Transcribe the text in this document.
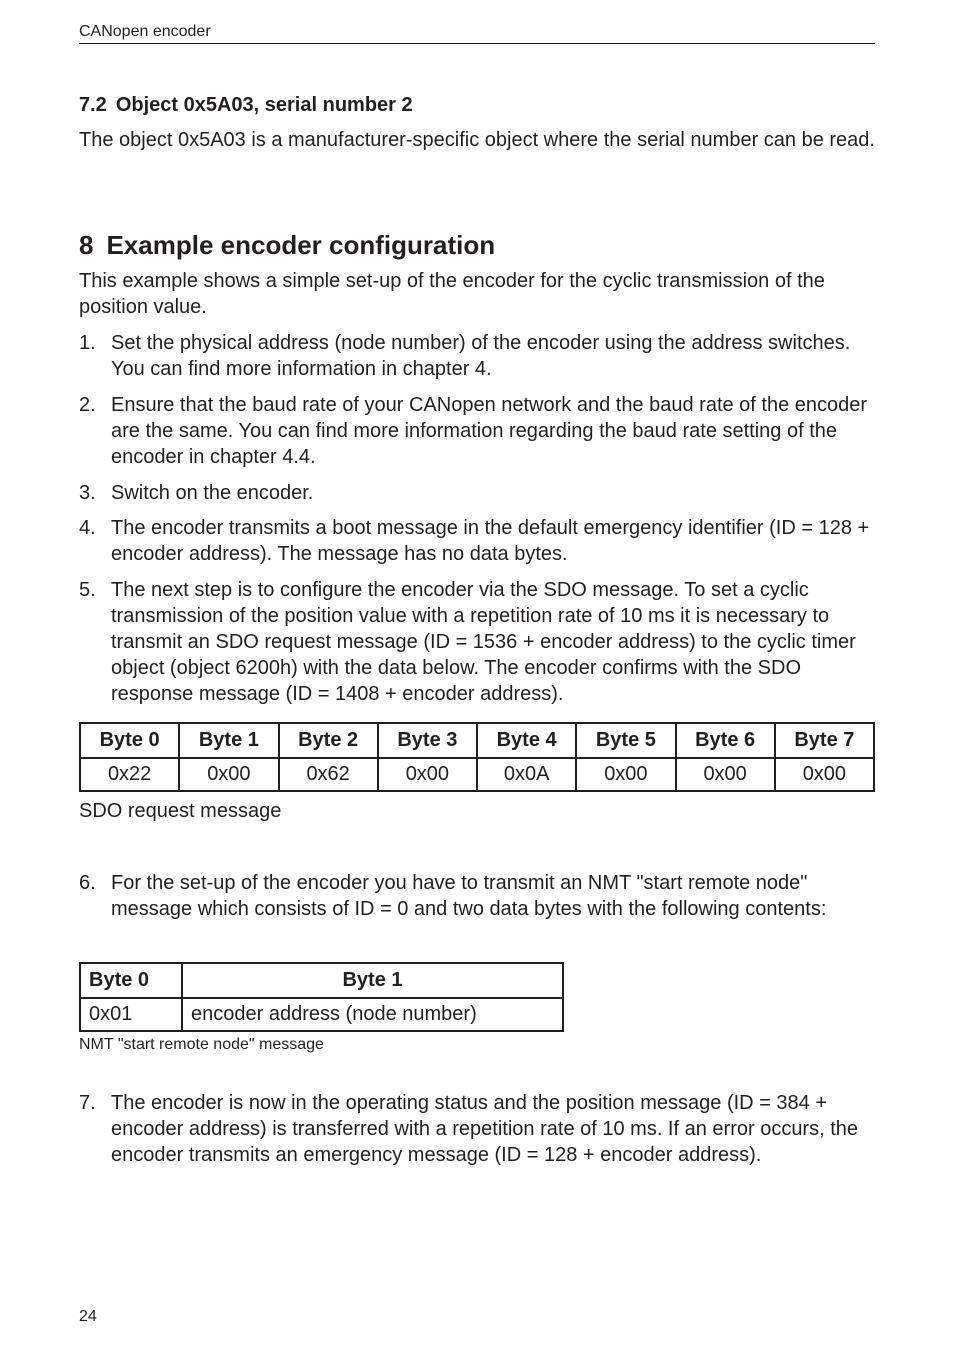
CANopen encoder
7.2 Object 0x5A03, serial number 2

The object 0x5A03 is a manufacturer-specific object where the serial number can be read.

8 Example encoder configuration

This example shows a simple set-up of the encoder for the cyclic transmission of the position value.

1. Set the physical address (node number) of the encoder using the address switches. You can find more information in chapter 4.
2. Ensure that the baud rate of your CANopen network and the baud rate of the encoder are the same. You can find more information regarding the baud rate setting of the encoder in chapter 4.4.
3. Switch on the encoder.
4. The encoder transmits a boot message in the default emergency identifier (ID = 128 + encoder address). The message has no data bytes.
5. The next step is to configure the encoder via the SDO message. To set a cyclic transmission of the position value with a repetition rate of 10 ms it is necessary to transmit an SDO request message (ID = 1536 + encoder address) to the cyclic timer object (object 6200h) with the data below. The encoder confirms with the SDO response message (ID = 1408 + encoder address).
Byte 0	Byte 1	Byte 2	Byte 3	Byte 4	Byte 5	Byte 6	Byte 7
0x22	0x00	0x62	0x00	0x0A	0x00	0x00	0x00
SDO request message
6. For the set-up of the encoder you have to transmit an NMT "start remote node" message which consists of ID = 0 and two data bytes with the following contents:
Byte 0	Byte 1
0x01	encoder address (node number)
NMT "start remote node" message
7. The encoder is now in the operating status and the position message (ID = 384 + encoder address) is transferred with a repetition rate of 10 ms. If an error occurs, the encoder transmits an emergency message (ID = 128 + encoder address).
24
